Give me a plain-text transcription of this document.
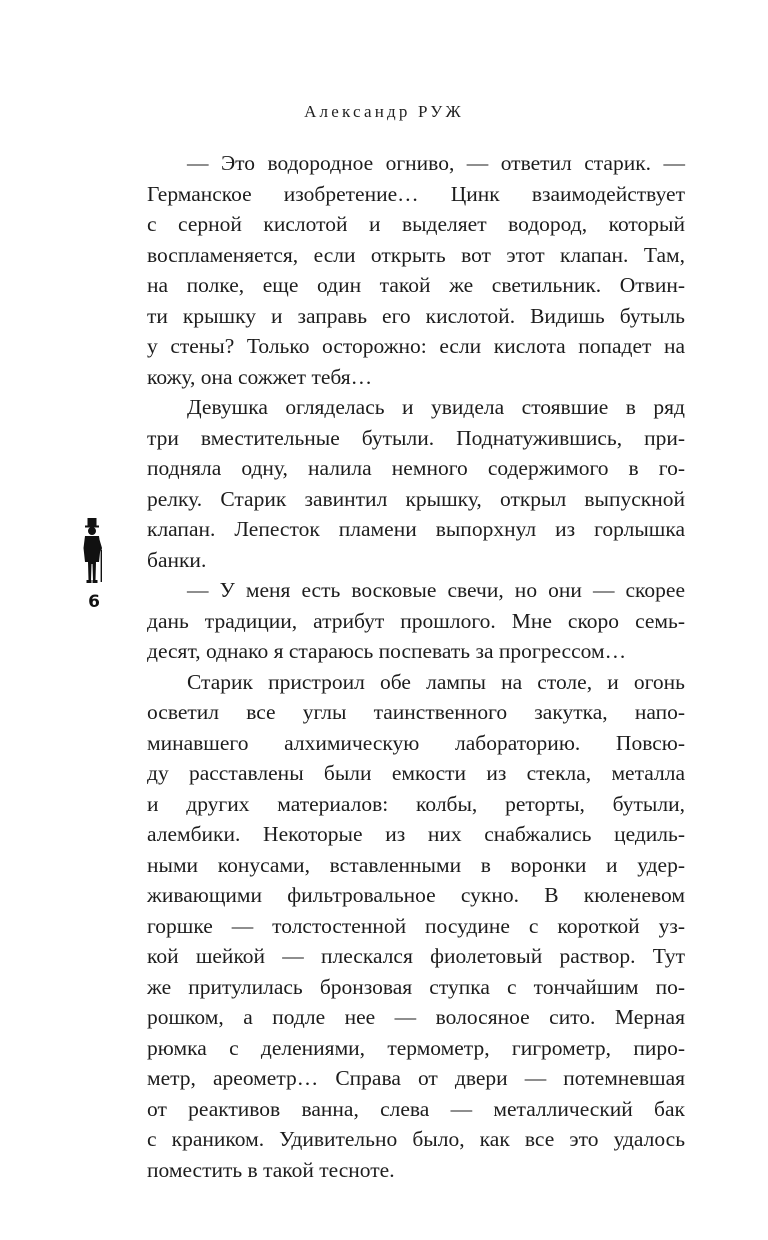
Александр РУЖ
— Это водородное огниво, — ответил старик. —
Германское изобретение… Цинк взаимодействует
с серной кислотой и выделяет водород, который
воспламеняется, если открыть вот этот клапан. Там,
на полке, еще один такой же светильник. Отвин-
ти крышку и заправь его кислотой. Видишь бутыль
у стены? Только осторожно: если кислота попадет на
кожу, она сожжет тебя…
Девушка огляделась и увидела стоявшие в ряд
три вместительные бутыли. Поднатужившись, при-
подняла одну, налила немного содержимого в го-
релку. Старик завинтил крышку, открыл выпускной
клапан. Лепесток пламени выпорхнул из горлышка
банки.
— У меня есть восковые свечи, но они — скорее
дань традиции, атрибут прошлого. Мне скоро семь-
десят, однако я стараюсь поспевать за прогрессом…
Старик пристроил обе лампы на столе, и огонь
осветил все углы таинственного закутка, напо-
минавшего алхимическую лабораторию. Повсю-
ду расставлены были емкости из стекла, металла
и других материалов: колбы, реторты, бутыли,
алембики. Некоторые из них снабжались цедиль-
ными конусами, вставленными в воронки и удер-
живающими фильтровальное сукно. В кюленевом
горшке — толстостенной посудине с короткой уз-
кой шейкой — плескался фиолетовый раствор. Тут
же притулилась бронзовая ступка с тончайшим по-
рошком, а подле нее — волосяное сито. Мерная
рюмка с делениями, термометр, гигрометр, пиро-
метр, ареометр… Справа от двери — потемневшая
от реактивов ванна, слева — металлический бак
с краником. Удивительно было, как все это удалось
поместить в такой тесноте.
6
